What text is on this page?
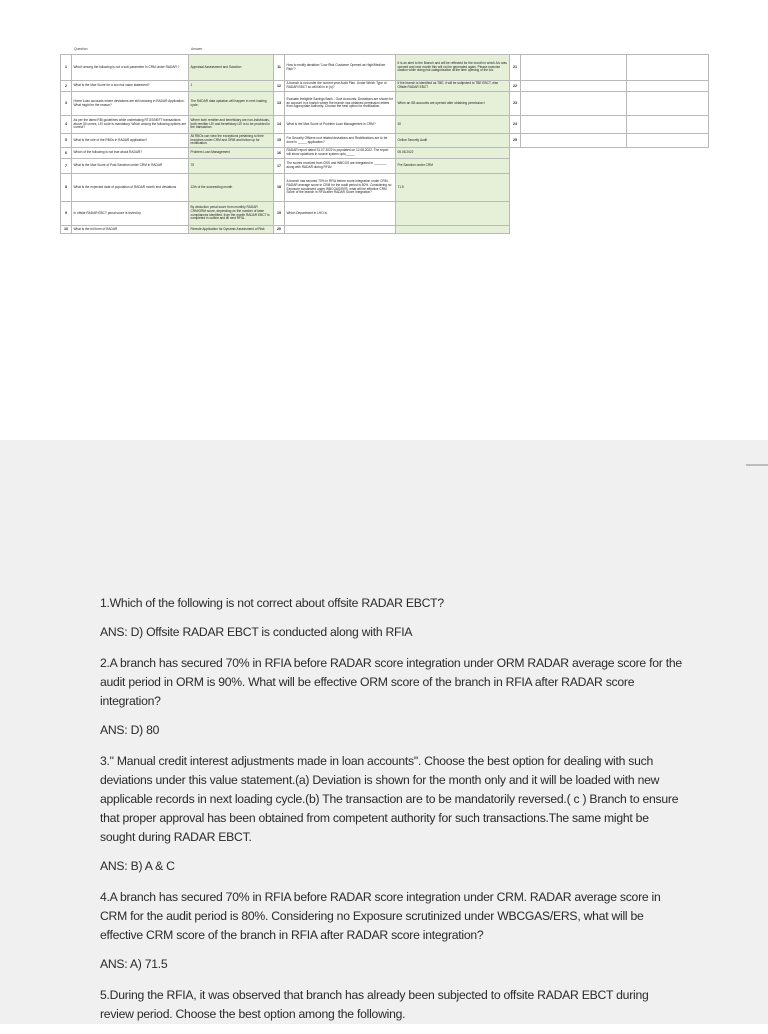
Question	Answer
1	Which among the following is not a sub parameter in CRM under RADAR ?	Appraisal Assessment and Sanction	11	How to rectify deviation "Low Risk Customer Opened as High/Medium Risk"?	It is an alert to the Branch and will be reflected for the month in which A/c was opened and next month this will not be generated again. Please exercise caution while doing risk categorization at the time opening of the A/c	21		
2	What is the Max Score for a low risk value statement?	1	12	A branch is not under the current year Audit Plan. Under Which Type of RADAR EBCT so will fall in in (s)?	If the branch is identified as TBE, it will be subjected to TBE EBCT, else Offsite RADAR EBCT	22		
3	Home Loan accounts where deviations are still showing in RADAR Application. What might be the reason?	The RADAR data updation will happen in next loading cycle.	13	Evaluate Ineligible Savings Bank - Govt Accounts: Deviations are shown for an account in a branch where the branch has obtained permission letters from Appropriate Authority. Choose the best option for rectification.	When an SB accounts are opened after obtaining permission l	23		
4	As per the latest RBI guidelines while undertaking RTGS/NEFT transactions above 50 crores, LEI code is mandatory. Which among the following options are correct?	Where both remitter and beneficiary are non-individuals, both remitter LEI and beneficiary LEI is to be provided in the transaction.	14	What is the Max Score of Problem Loan Management in CRM?	30	24		
5	What is the role of the RBOs in RADAR application?	All RBOs can view the exceptions pertaining to their branches under CRM and ORM and follow up for rectification.	15	For Security Officers root related deviations and Rectifications are to be done in _____ application?	Online Security Audit	25		
6	Which of the following is not true about RADAR?	Problem Loan Management	16	RADAR report dated 31.07.2022 is populated on 12.08.2022. The report will show updations in source system upto_____	05.08.2022			
7	What is the Max Score of Post Sanction under CRM in RADAR	75	17	The scores received from OSS and WBCGS are integrated in _______ along with RADAR during RFIA/	Pre Sanction under CRM			
8	What is the expected date of population of RADAR month end deviations	12th of the succeeding month	18	A branch has secured 70% in RFIA before score integration under CRM. RADAR average score in CRM for the audit period is 80%. Considering no Exposure scrutinized under WBCGAS/ERS, what will be effective CRM Score of the branch in RFIA after RADAR Score Integration?	71.5			
9	In offsite RADAR EBCT penal score is levied by	By deduction penal score from monthly RADAR CRM/ORM score, depending on the number of false compliances identified, from the month RADAR EBCT is completed in outline and till next RFIA.	19	Which Department in LHO is				
10	What is the full form of RADAR	Remote Application for Dynamic Assessment of Risk	20					

1.Which of the following is not correct about offsite RADAR EBCT?

ANS: D) Offsite RADAR EBCT is conducted along with RFIA

2.A branch has secured 70% in RFIA before RADAR score integration under ORM RADAR average score for the audit period in ORM is 90%. What will be effective ORM score of the branch in RFIA after RADAR score integration?

ANS: D) 80

3." Manual credit interest adjustments made in loan accounts". Choose the best option for dealing with such deviations under this value statement.(a) Deviation is shown for the month only and it will be loaded with new applicable records in next loading cycle.(b) The transaction are to be mandatorily reversed.( c ) Branch to ensure that proper approval has been obtained from competent authority for such transactions.The same might be sought during RADAR EBCT.

ANS: B) A & C

4.A branch has secured 70% in RFIA before RADAR score integration under CRM. RADAR average score in CRM for the audit period is 80%. Considering no Exposure scrutinized under WBCGAS/ERS, what will be effective CRM score of the branch in RFIA after RADAR score integration?

ANS: A) 71.5

5.During the RFIA, it was observed that branch has already been subjected to offsite RADAR EBCT during review period. Choose the best option among the following.
